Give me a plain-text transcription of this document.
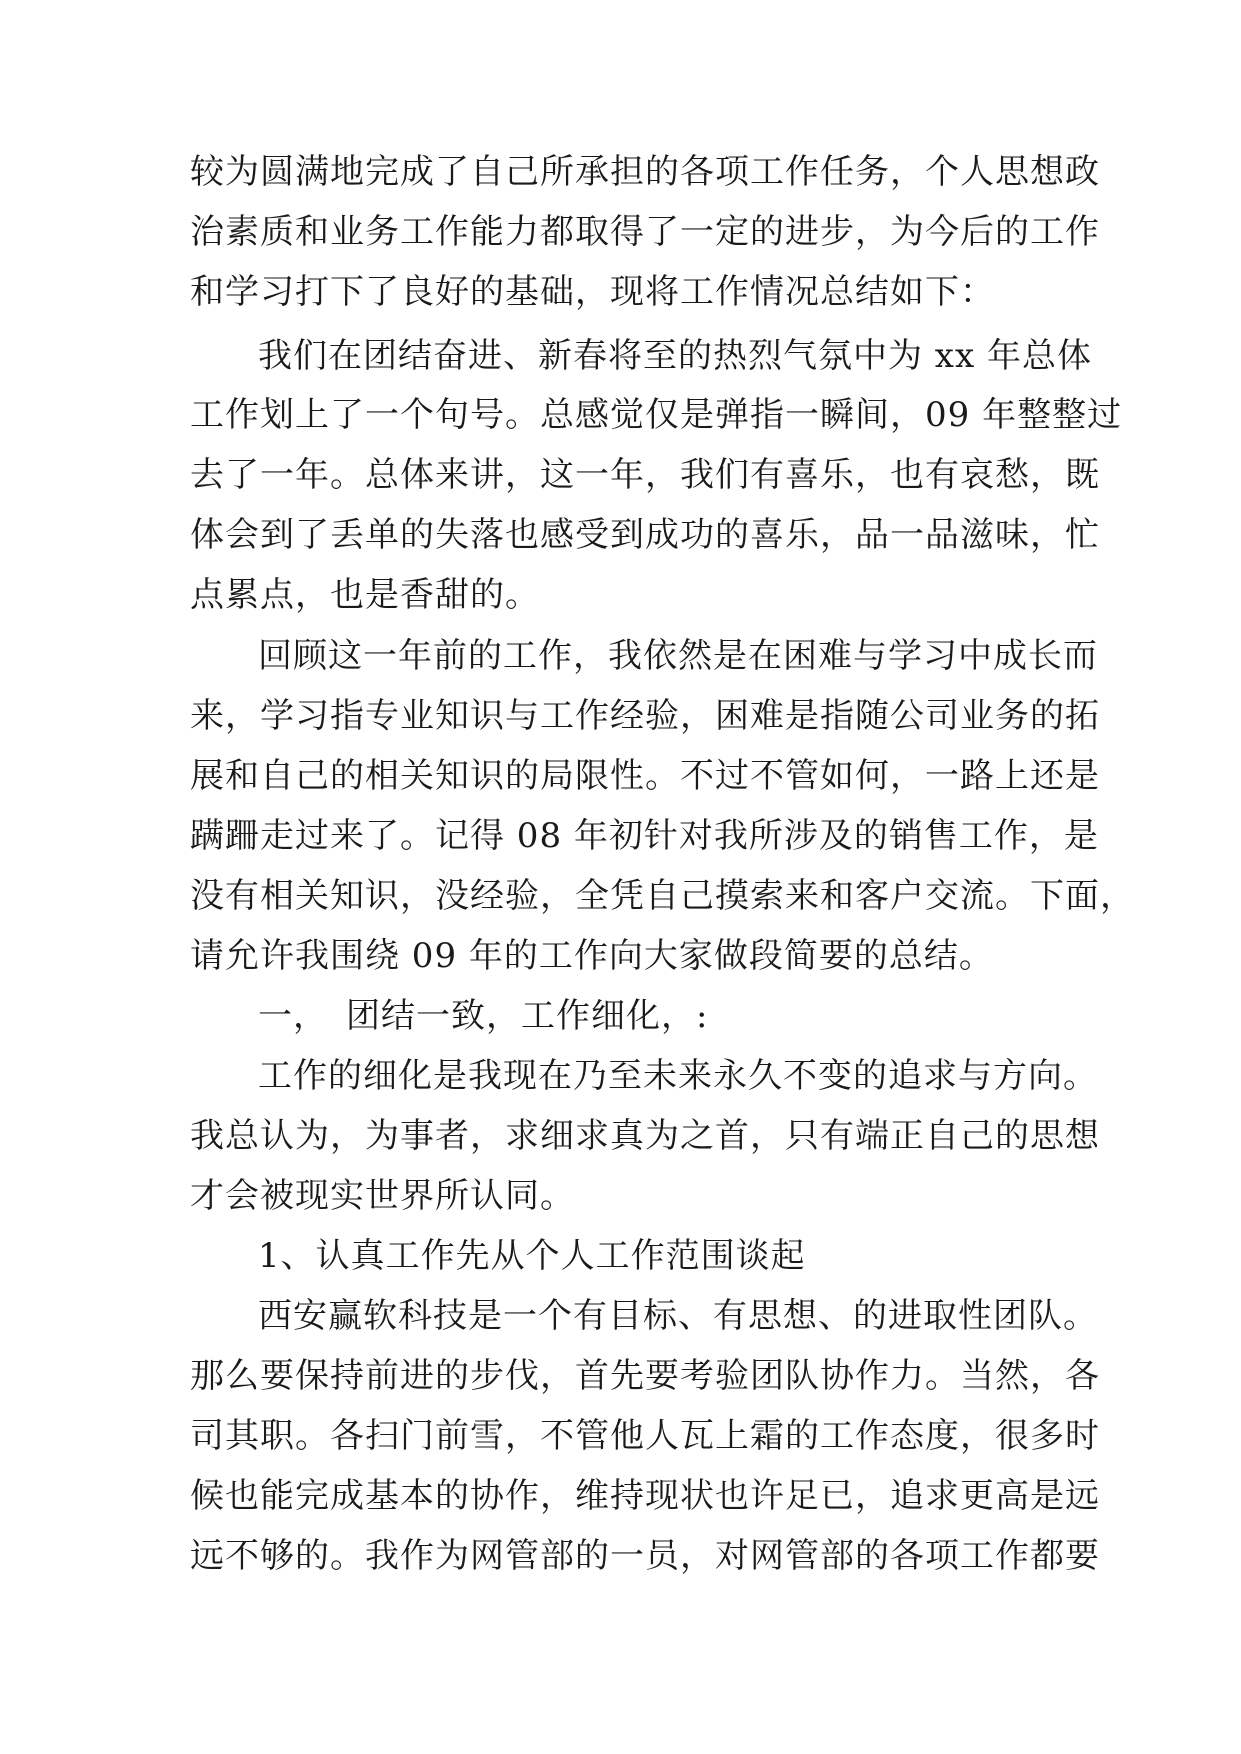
较为圆满地完成了自己所承担的各项工作任务，个人思想政
治素质和业务工作能力都取得了一定的进步，为今后的工作
和学习打下了良好的基础，现将工作情况总结如下：
我们在团结奋进、新春将至的热烈气氛中为 xx 年总体
工作划上了一个句号。总感觉仅是弹指一瞬间，09 年整整过
去了一年。总体来讲，这一年，我们有喜乐，也有哀愁，既
体会到了丢单的失落也感受到成功的喜乐，品一品滋味，忙
点累点，也是香甜的。
回顾这一年前的工作，我依然是在困难与学习中成长而
来，学习指专业知识与工作经验，困难是指随公司业务的拓
展和自己的相关知识的局限性。不过不管如何，一路上还是
蹒跚走过来了。记得 08 年初针对我所涉及的销售工作，是
没有相关知识，没经验，全凭自己摸索来和客户交流。下面，
请允许我围绕 09 年的工作向大家做段简要的总结。
一，　团结一致，工作细化，:
工作的细化是我现在乃至未来永久不变的追求与方向。
我总认为，为事者，求细求真为之首，只有端正自己的思想
才会被现实世界所认同。
1、认真工作先从个人工作范围谈起
西安赢软科技是一个有目标、有思想、的进取性团队。
那么要保持前进的步伐，首先要考验团队协作力。当然，各
司其职。各扫门前雪，不管他人瓦上霜的工作态度，很多时
候也能完成基本的协作，维持现状也许足已，追求更高是远
远不够的。我作为网管部的一员，对网管部的各项工作都要
